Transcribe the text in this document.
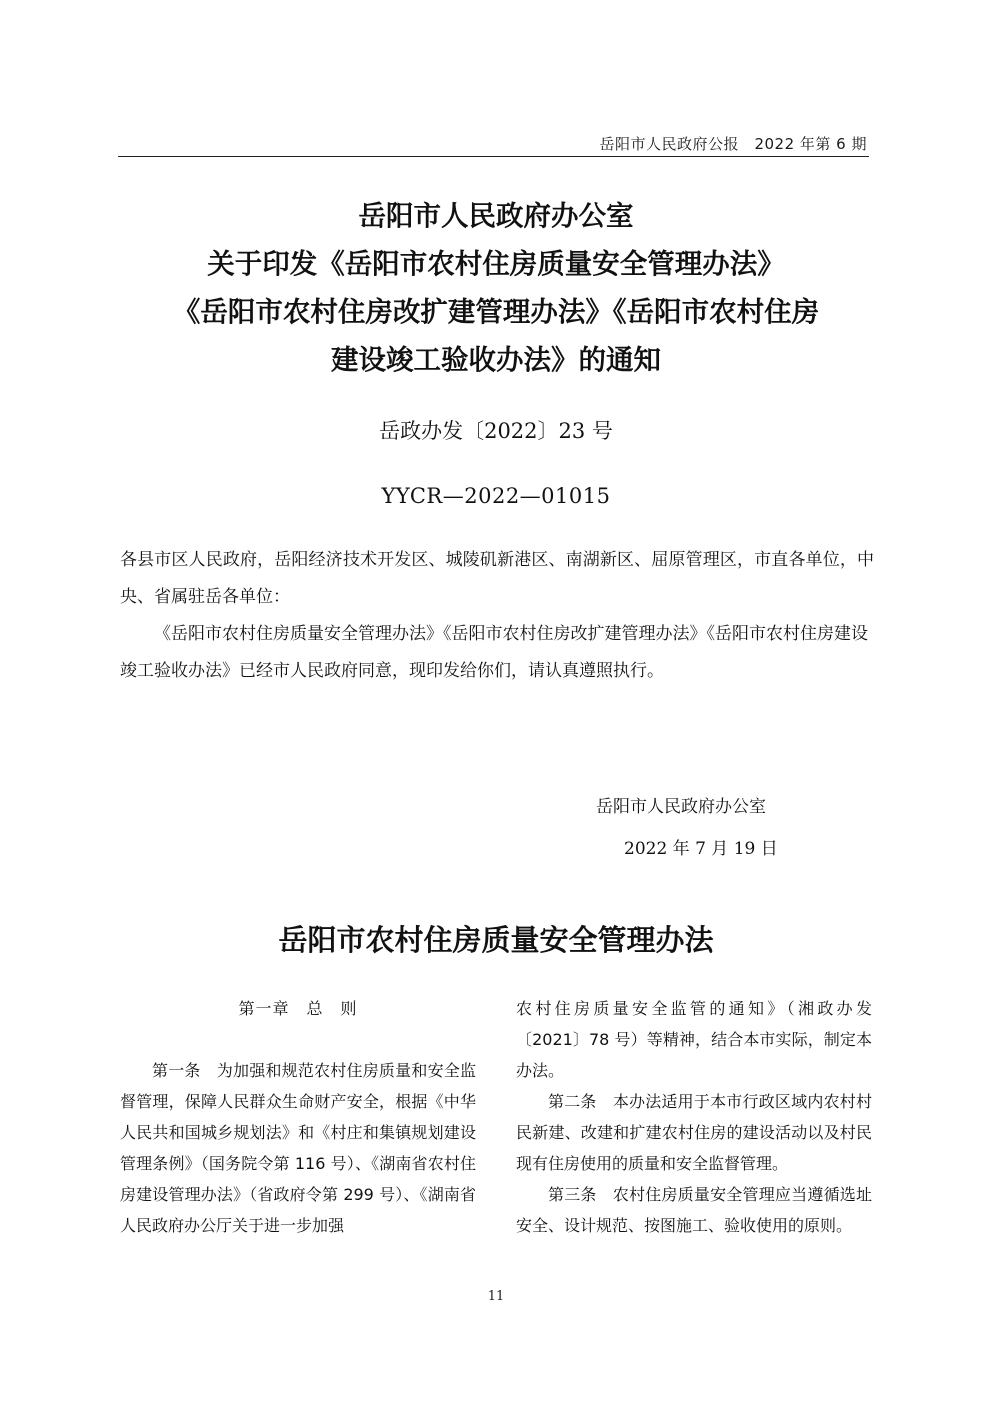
岳阳市人民政府公报　2022 年第 6 期
岳阳市人民政府办公室
关于印发《岳阳市农村住房质量安全管理办法》
《岳阳市农村住房改扩建管理办法》《岳阳市农村住房
建设竣工验收办法》的通知
岳政办发〔2022〕23 号
YYCR—2022—01015

各县市区人民政府，岳阳经济技术开发区、城陵矶新港区、南湖新区、屈原管理区，市直各单位，中央、省属驻岳各单位：

《岳阳市农村住房质量安全管理办法》《岳阳市农村住房改扩建管理办法》《岳阳市农村住房建设竣工验收办法》已经市人民政府同意，现印发给你们，请认真遵照执行。

岳阳市人民政府办公室
2022 年 7 月 19 日
岳阳市农村住房质量安全管理办法

第一章　总　则

第一条　为加强和规范农村住房质量和安全监督管理，保障人民群众生命财产安全，根据《中华人民共和国城乡规划法》和《村庄和集镇规划建设管理条例》（国务院令第 116 号）、《湖南省农村住房建设管理办法》（省政府令第 299 号）、《湖南省人民政府办公厅关于进一步加强

农村住房质量安全监管的通知》（湘政办发〔2021〕78 号）等精神，结合本市实际，制定本办法。

第二条　本办法适用于本市行政区域内农村村民新建、改建和扩建农村住房的建设活动以及村民现有住房使用的质量和安全监督管理。

第三条　农村住房质量安全管理应当遵循选址安全、设计规范、按图施工、验收使用的原则。

11
